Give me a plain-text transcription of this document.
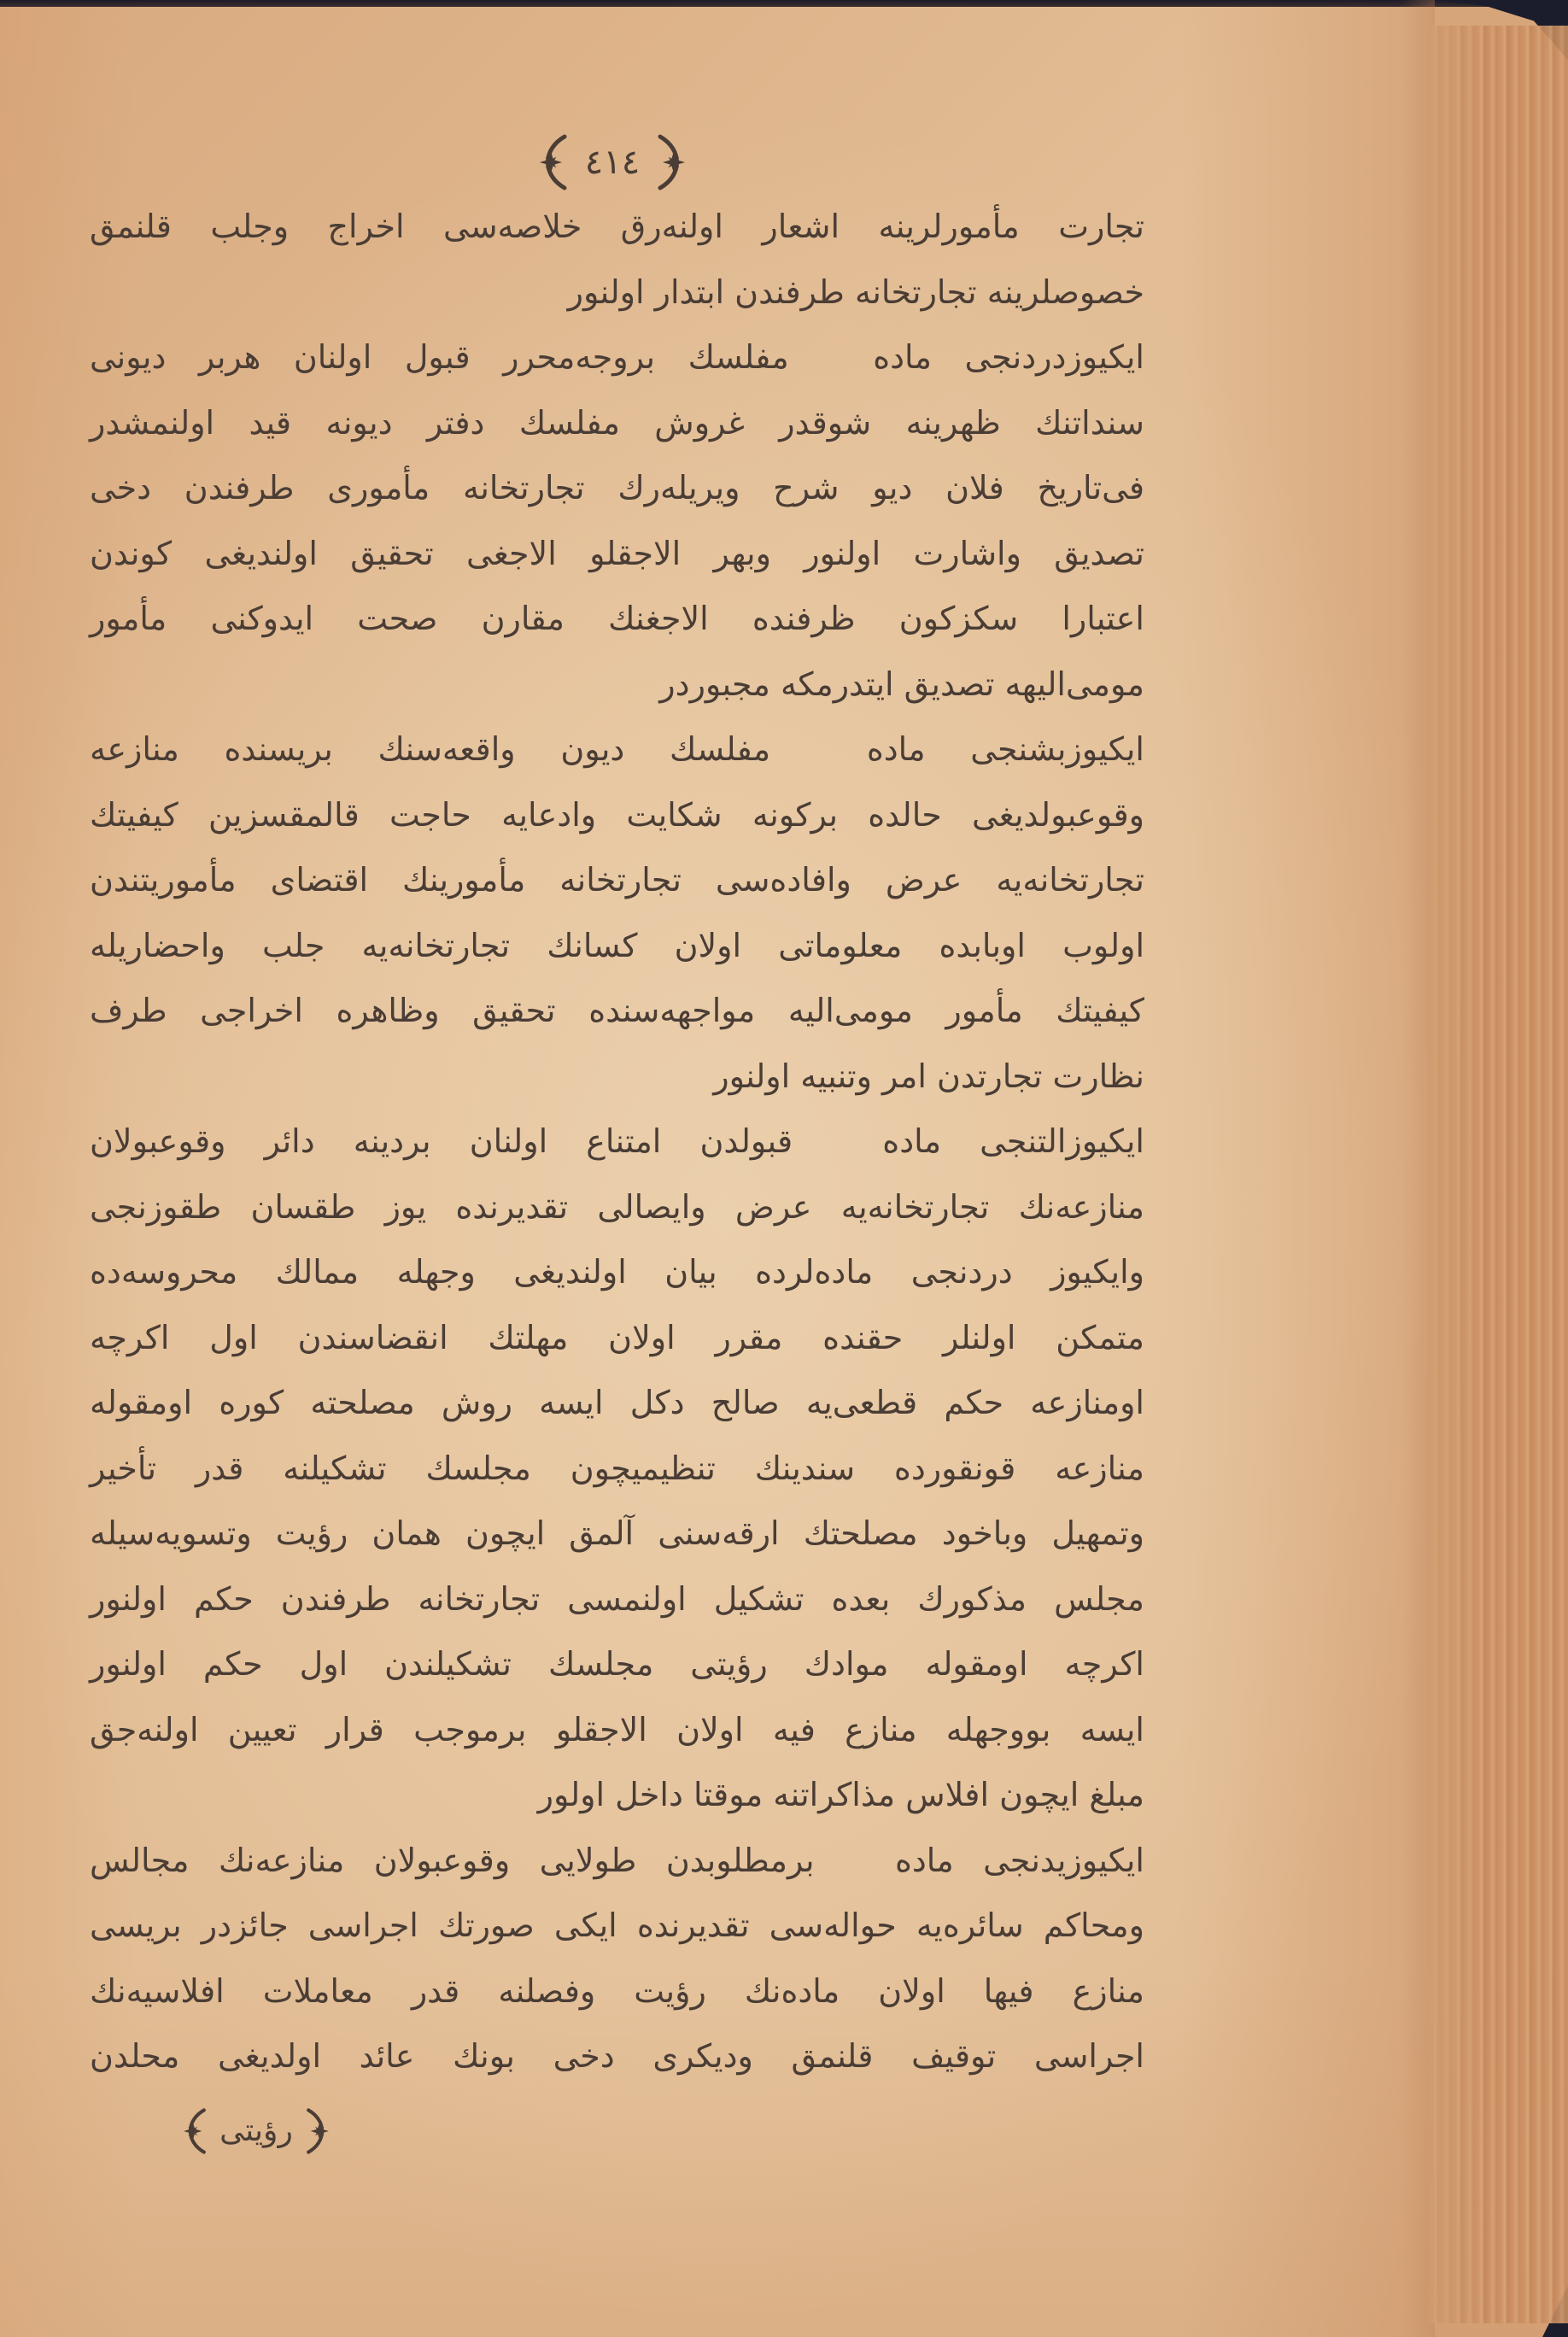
٤١٤
تجارت مأمورلرینه اشعار اولنه‌رق خلاصه‌سی اخراج وجلب قلنمق
خصوصلرینه تجارتخانه طرفندن ابتدار اولنور
ایکیوزدردنجی ماده مفلسك بروجه‌محرر قبول اولنان هربر دیونی
سنداتنك ظهرینه شوقدر غروش مفلسك دفتر دیونه قید اولنمشدر
فی‌تاریخ فلان دیو شرح ویریله‌رك تجارتخانه مأموری طرفندن دخی
تصدیق واشارت اولنور وبهر الاجقلو الاجغی تحقیق اولندیغی کوندن
اعتبارا سکزکون ظرفنده الاجغنك مقارن صحت ایدوکنی مأمور
مومی‌الیهه تصدیق ایتدرمکه مجبوردر
ایکیوزبشنجی ماده مفلسك دیون واقعه‌سنك بریسنده منازعه
وقوعبولدیغی حالده برکونه شکایت وادعایه حاجت قالمقسزین کیفیتك
تجارتخانه‌یه عرض وافاده‌سی تجارتخانه مأمورینك اقتضای مأموریتندن
اولوب اوبابده معلوماتی اولان کسانك تجارتخانه‌یه جلب واحضاریله
کیفیتك مأمور مومی‌الیه مواجهه‌سنده تحقیق وظاهره اخراجی طرف
نظارت تجارتدن امر وتنبیه اولنور
ایکیوزالتنجی ماده قبولدن امتناع اولنان بردینه دائر وقوعبولان
منازعه‌نك تجارتخانه‌یه عرض وایصالی تقدیرنده یوز طقسان طقوزنجی
وایکیوز دردنجی ماده‌لرده بیان اولندیغی وجهله ممالك محروسه‌ده
متمکن اولنلر حقنده مقرر اولان مهلتك انقضاسندن اول اکرچه
اومنازعه حکم قطعی‌یه صالح دکل ایسه روش مصلحته کوره اومقوله
منازعه قونقورده سندینك تنظیمیچون مجلسك تشکیلنه قدر تأخیر
وتمهیل وباخود مصلحتك ارقه‌سنی آلمق ایچون همان رؤیت وتسویه‌سیله
مجلس مذکورك بعده تشکیل اولنمسی تجارتخانه طرفندن حکم اولنور
اکرچه اومقوله موادك رؤیتی مجلسك تشکیلندن اول حکم اولنور
ایسه بووجهله منازع فیه اولان الاجقلو برموجب قرار تعیین اولنه‌جق
مبلغ ایچون افلاس مذاکراتنه موقتا داخل اولور
ایکیوزیدنجی ماده برمطلوبدن طولایی وقوعبولان منازعه‌نك مجالس
ومحاکم سائره‌یه حواله‌سی تقدیرنده ایکی صورتك اجراسی جائزدر بریسی
منازع فیها اولان ماده‌نك رؤیت وفصلنه قدر معاملات افلاسیه‌نك
اجراسی توقیف قلنمق ودیکری دخی بونك عائد اولدیغی محلدن
رؤیتی
